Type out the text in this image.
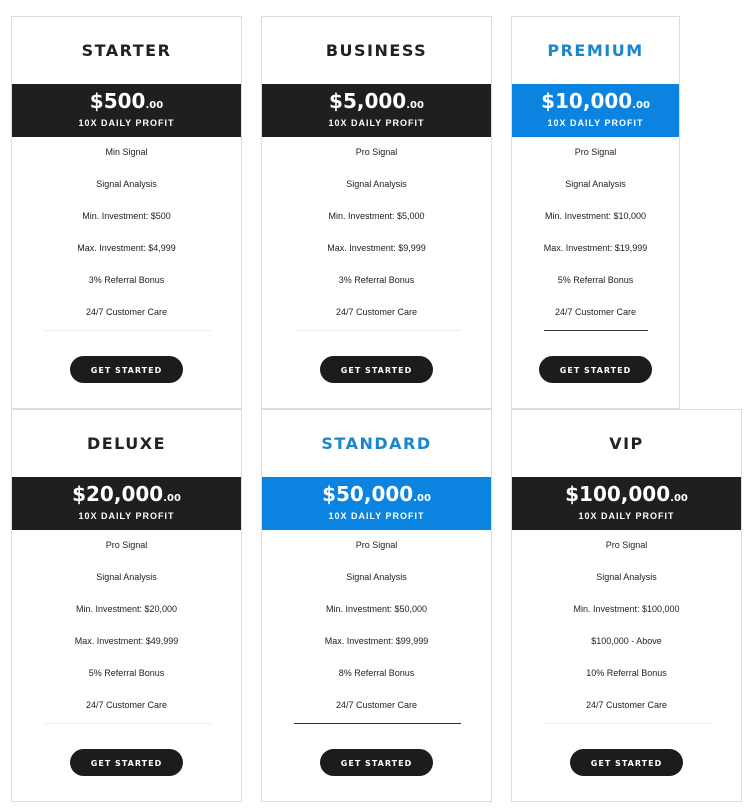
STARTER
$500.00
10X DAILY PROFIT
Min Signal
Signal Analysis
Min. Investment: $500
Max. Investment: $4,999
3% Referral Bonus
24/7 Customer Care
GET STARTED
BUSINESS
$5,000.00
10X DAILY PROFIT
Pro Signal
Signal Analysis
Min. Investment: $5,000
Max. Investment: $9,999
3% Referral Bonus
24/7 Customer Care
GET STARTED
PREMIUM
$10,000.00
10X DAILY PROFIT
Pro Signal
Signal Analysis
Min. Investment: $10,000
Max. Investment: $19,999
5% Referral Bonus
24/7 Customer Care
GET STARTED
DELUXE
$20,000.00
10X DAILY PROFIT
Pro Signal
Signal Analysis
Min. Investment: $20,000
Max. Investment: $49,999
5% Referral Bonus
24/7 Customer Care
GET STARTED
STANDARD
$50,000.00
10X DAILY PROFIT
Pro Signal
Signal Analysis
Min. Investment: $50,000
Max. Investment: $99,999
8% Referral Bonus
24/7 Customer Care
GET STARTED
VIP
$100,000.00
10X DAILY PROFIT
Pro Signal
Signal Analysis
Min. Investment: $100,000
$100,000 - Above
10% Referral Bonus
24/7 Customer Care
GET STARTED
